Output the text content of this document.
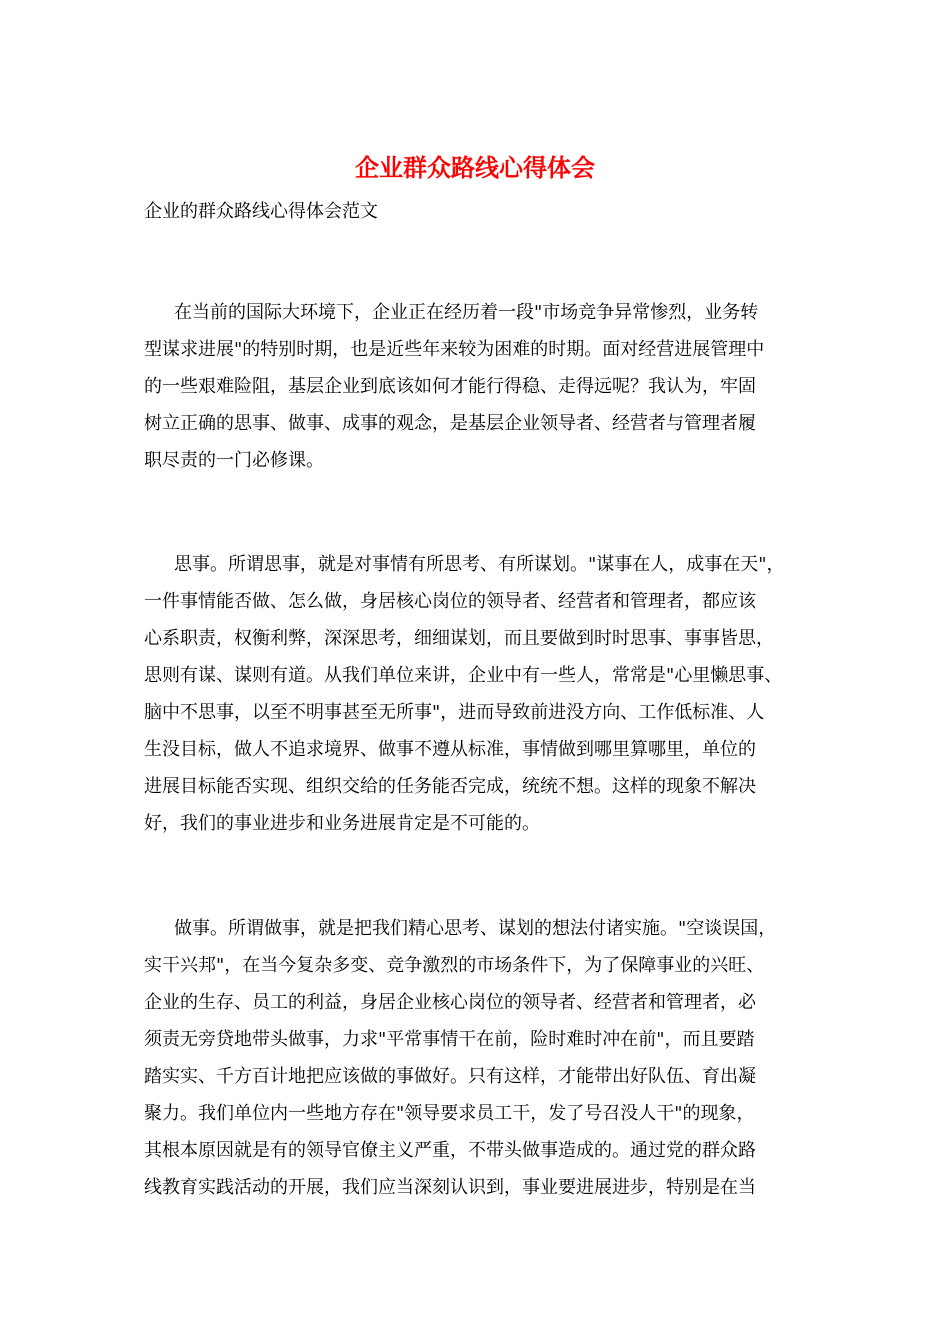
企业群众路线心得体会
企业的群众路线心得体会范文
在当前的国际大环境下，企业正在经历着一段"市场竞争异常惨烈，业务转
型谋求进展"的特别时期，也是近些年来较为困难的时期。面对经营进展管理中
的一些艰难险阻，基层企业到底该如何才能行得稳、走得远呢？我认为，牢固
树立正确的思事、做事、成事的观念，是基层企业领导者、经营者与管理者履
职尽责的一门必修课。
思事。所谓思事，就是对事情有所思考、有所谋划。"谋事在人，成事在天"，
一件事情能否做、怎么做，身居核心岗位的领导者、经营者和管理者，都应该
心系职责，权衡利弊，深深思考，细细谋划，而且要做到时时思事、事事皆思，
思则有谋、谋则有道。从我们单位来讲，企业中有一些人，常常是"心里懒思事、
脑中不思事，以至不明事甚至无所事"，进而导致前进没方向、工作低标准、人
生没目标，做人不追求境界、做事不遵从标准，事情做到哪里算哪里，单位的
进展目标能否实现、组织交给的任务能否完成，统统不想。这样的现象不解决
好，我们的事业进步和业务进展肯定是不可能的。
做事。所谓做事，就是把我们精心思考、谋划的想法付诸实施。"空谈误国，
实干兴邦"，在当今复杂多变、竞争激烈的市场条件下，为了保障事业的兴旺、
企业的生存、员工的利益，身居企业核心岗位的领导者、经营者和管理者，必
须责无旁贷地带头做事，力求"平常事情干在前，险时难时冲在前"，而且要踏
踏实实、千方百计地把应该做的事做好。只有这样，才能带出好队伍、育出凝
聚力。我们单位内一些地方存在"领导要求员工干，发了号召没人干"的现象，
其根本原因就是有的领导官僚主义严重，不带头做事造成的。通过党的群众路
线教育实践活动的开展，我们应当深刻认识到，事业要进展进步，特别是在当
